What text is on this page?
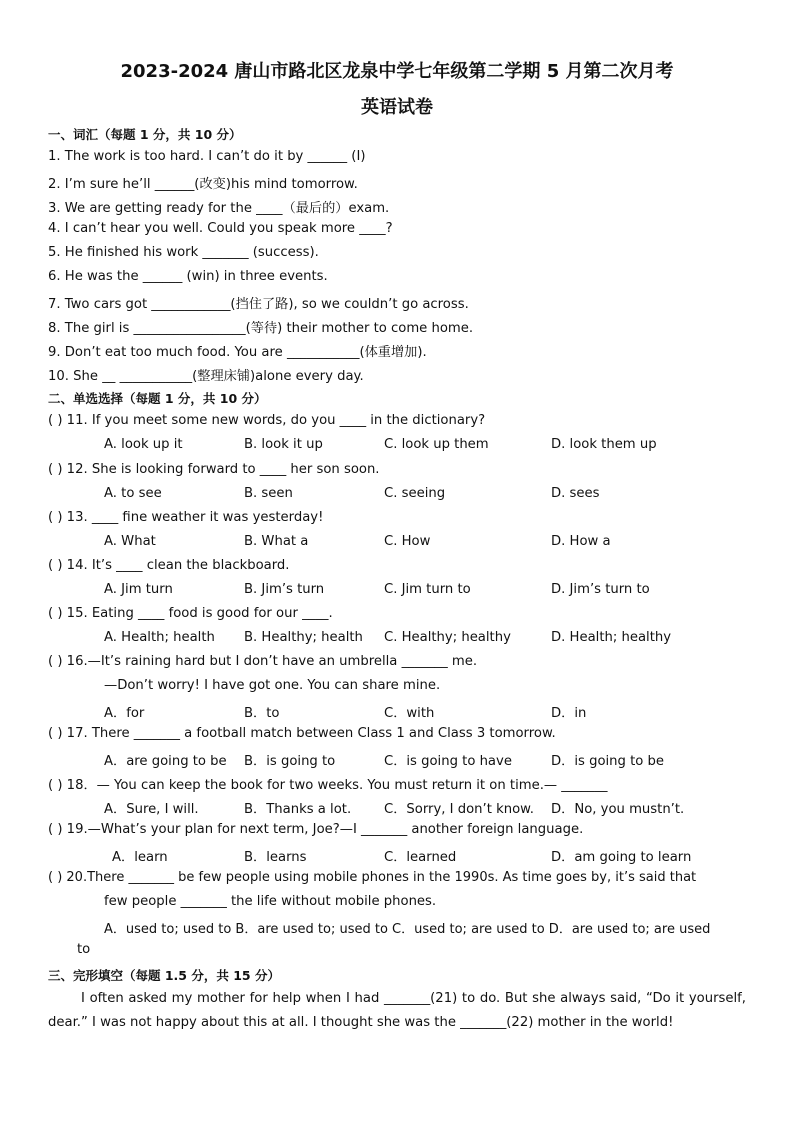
2023-2024 唐山市路北区龙泉中学七年级第二学期 5 月第二次月考
英语试卷
一、词汇（每题 1 分，共 10 分）
1. The work is too hard. I can’t do it by ______ (I)
2. I’m sure he’ll ______(改变)his mind tomorrow.
3. We are getting ready for the ____（最后的）exam.
4. I can’t hear you well. Could you speak more ____?
5. He finished his work _______ (success).
6. He was the ______ (win) in three events.
7. Two cars got ____________(挡住了路), so we couldn’t go across.
8. The girl is _________________(等待) their mother to come home.
9. Don’t eat too much food. You are ___________(体重增加).
10. She __ ___________(整理床铺)alone every day.
二、单选选择（每题 1 分，共 10 分）
( ) 11. If you meet some new words, do you ____ in the dictionary?
A. look up it	B. look it up	C. look up them	D. look them up
( ) 12. She is looking forward to ____ her son soon.
A. to see	B. seen	C. seeing	D. sees
( ) 13. ____ fine weather it was yesterday!
A. What	B. What a	C. How	D. How a
( ) 14. It’s ____ clean the blackboard.
A. Jim turn	B. Jim’s turn	C. Jim turn to	D. Jim’s turn to
( ) 15. Eating ____ food is good for our ____.
A. Health; health B. Healthy; health C. Healthy; healthy	D. Health; healthy
( ) 16.—It’s raining hard but I don’t have an umbrella _______ me.
—Don’t worry! I have got one. You can share mine.
A．for	B．to	C．with	D．in
( ) 17. There _______ a football match between Class 1 and Class 3 tomorrow.
A．are going to be B．is going to	C．is going to have	D．is going to be
( ) 18．— You can keep the book for two weeks. You must return it on time.— _______
A．Sure, I will.	B．Thanks a lot. C．Sorry, I don’t know. D．No, you mustn’t.
( ) 19.—What’s your plan for next term, Joe?—I _______ another foreign language.
A．learn	B．learns	C．learned	D．am going to learn
( ) 20.There _______ be few people using mobile phones in the 1990s. As time goes by, it’s said that
few people _______ the life without mobile phones.
A．used to; used to B．are used to; used to C．used to; are used to D．are used to; are used
to
三、完形填空（每题 1.5 分，共 15 分）
I often asked my mother for help when I had _______(21) to do. But she always said, “Do it yourself, dear.” I was not happy about this at all. I thought she was the _______(22) mother in the world!
